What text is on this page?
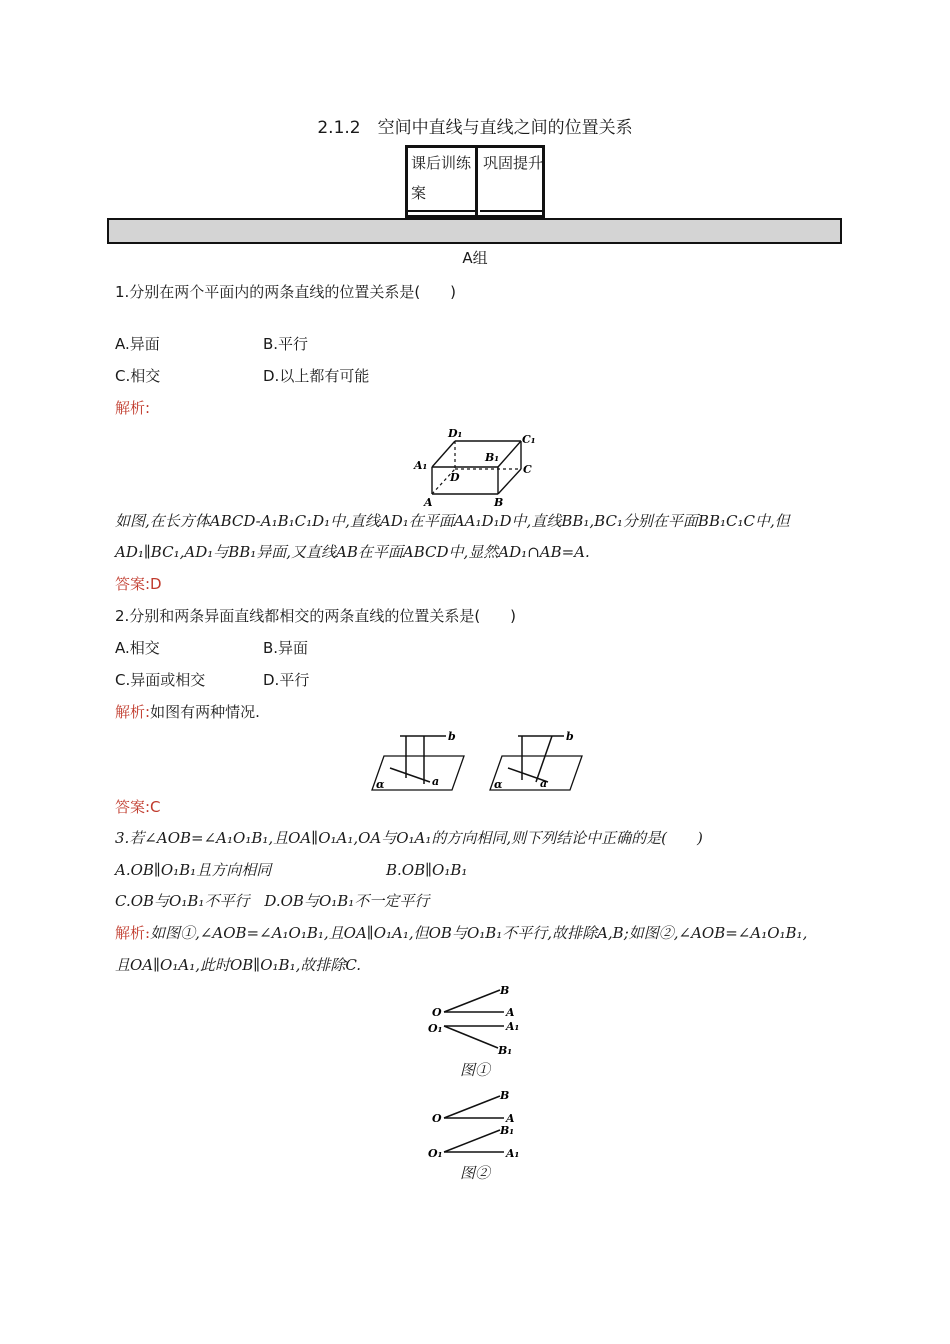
2.1.2　空间中直线与直线之间的位置关系
课后训练案
巩固提升
A组
1.分别在两个平面内的两条直线的位置关系是(　　)
A.异面	B.平行
C.相交	D.以上都有可能
解析:
D₁	C₁
A₁
B₁
C
D
A	B
如图,在长方体ABCD-A₁B₁C₁D₁中,直线AD₁在平面AA₁D₁D中,直线BB₁,BC₁分别在平面BB₁C₁C中,但
AD₁∥BC₁,AD₁与BB₁异面,又直线AB在平面ABCD中,显然AD₁∩AB=A.
答案:D
2.分别和两条异面直线都相交的两条直线的位置关系是(　　)
A.相交	B.异面
C.异面或相交	D.平行
解析:如图有两种情况.
b
a
α
b
a
α
答案:C
3.若∠AOB=∠A₁O₁B₁,且OA∥O₁A₁,OA与O₁A₁的方向相同,则下列结论中正确的是(　　)
A.OB∥O₁B₁且方向相同	B.OB∥O₁B₁
C.OB与O₁B₁不平行　D.OB与O₁B₁不一定平行
解析:如图①,∠AOB=∠A₁O₁B₁,且OA∥O₁A₁,但OB与O₁B₁不平行,故排除A,B;如图②,∠AOB=∠A₁O₁B₁,
且OA∥O₁A₁,此时OB∥O₁B₁,故排除C.
B
O	A
O₁	A₁
B₁
图①
B
O	A
B₁
O₁	A₁
图②
